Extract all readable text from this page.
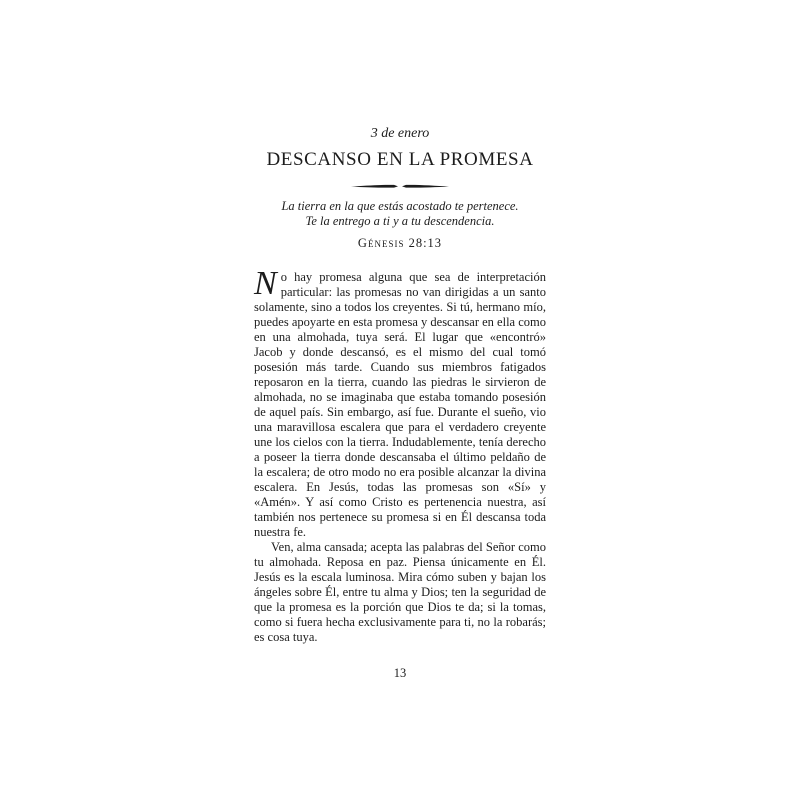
3 de enero
DESCANSO EN LA PROMESA
La tierra en la que estás acostado te pertenece.
Te la entrego a ti y a tu descendencia.
Génesis 28:13

No hay promesa alguna que sea de interpretación particular: las promesas no van dirigidas a un santo solamente, sino a todos los creyentes. Si tú, hermano mío, puedes apoyarte en esta promesa y descansar en ella como en una almohada, tuya será. El lugar que «encontró» Jacob y donde descansó, es el mismo del cual tomó posesión más tarde. Cuando sus miembros fatigados reposaron en la tierra, cuando las piedras le sirvieron de almohada, no se imaginaba que estaba tomando posesión de aquel país. Sin embargo, así fue. Durante el sueño, vio una maravillosa escalera que para el verdadero creyente une los cielos con la tierra. Indudablemente, tenía derecho a poseer la tierra donde descansaba el último peldaño de la escalera; de otro modo no era posible alcanzar la divina escalera. En Jesús, todas las promesas son «Sí» y «Amén». Y así como Cristo es pertenencia nuestra, así también nos pertenece su promesa si en Él descansa toda nuestra fe.

Ven, alma cansada; acepta las palabras del Señor como tu almohada. Reposa en paz. Piensa únicamente en Él. Jesús es la escala luminosa. Mira cómo suben y bajan los ángeles sobre Él, entre tu alma y Dios; ten la seguridad de que la promesa es la porción que Dios te da; si la tomas, como si fuera hecha exclusivamente para ti, no la robarás; es cosa tuya.

13
